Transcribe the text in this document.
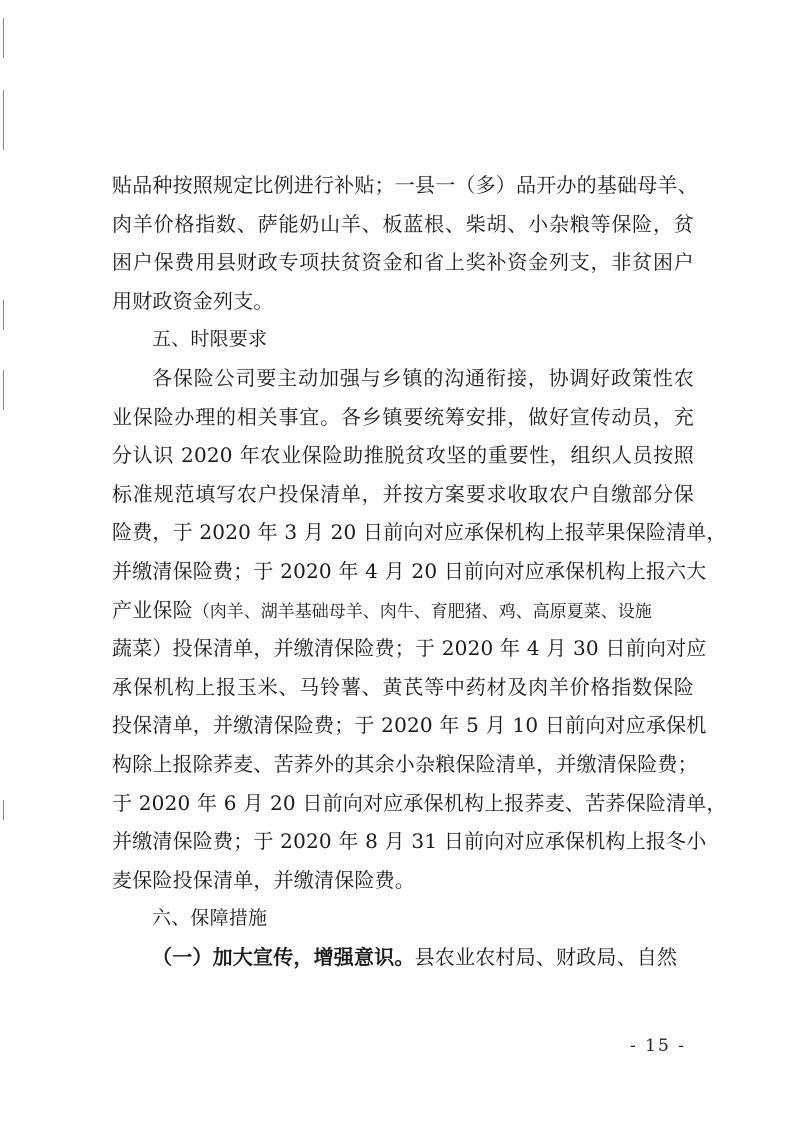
贴品种按照规定比例进行补贴；一县一（多）品开办的基础母羊、
肉羊价格指数、萨能奶山羊、板蓝根、柴胡、小杂粮等保险，贫
困户保费用县财政专项扶贫资金和省上奖补资金列支，非贫困户
用财政资金列支。
五、时限要求
各保险公司要主动加强与乡镇的沟通衔接，协调好政策性农
业保险办理的相关事宜。各乡镇要统筹安排，做好宣传动员，充
分认识 2020 年农业保险助推脱贫攻坚的重要性，组织人员按照
标准规范填写农户投保清单，并按方案要求收取农户自缴部分保
险费，于 2020 年 3 月 20 日前向对应承保机构上报苹果保险清单，
并缴清保险费；于 2020 年 4 月 20 日前向对应承保机构上报六大
产业保险（肉羊、湖羊基础母羊、肉牛、育肥猪、鸡、高原夏菜、设施
蔬菜）投保清单，并缴清保险费；于 2020 年 4 月 30 日前向对应
承保机构上报玉米、马铃薯、黄芪等中药材及肉羊价格指数保险
投保清单，并缴清保险费；于 2020 年 5 月 10 日前向对应承保机
构除上报除荞麦、苦荞外的其余小杂粮保险清单，并缴清保险费；
于 2020 年 6 月 20 日前向对应承保机构上报荞麦、苦荞保险清单，
并缴清保险费；于 2020 年 8 月 31 日前向对应承保机构上报冬小
麦保险投保清单，并缴清保险费。
六、保障措施
（一）加大宣传，增强意识。县农业农村局、财政局、自然
- 15 -
